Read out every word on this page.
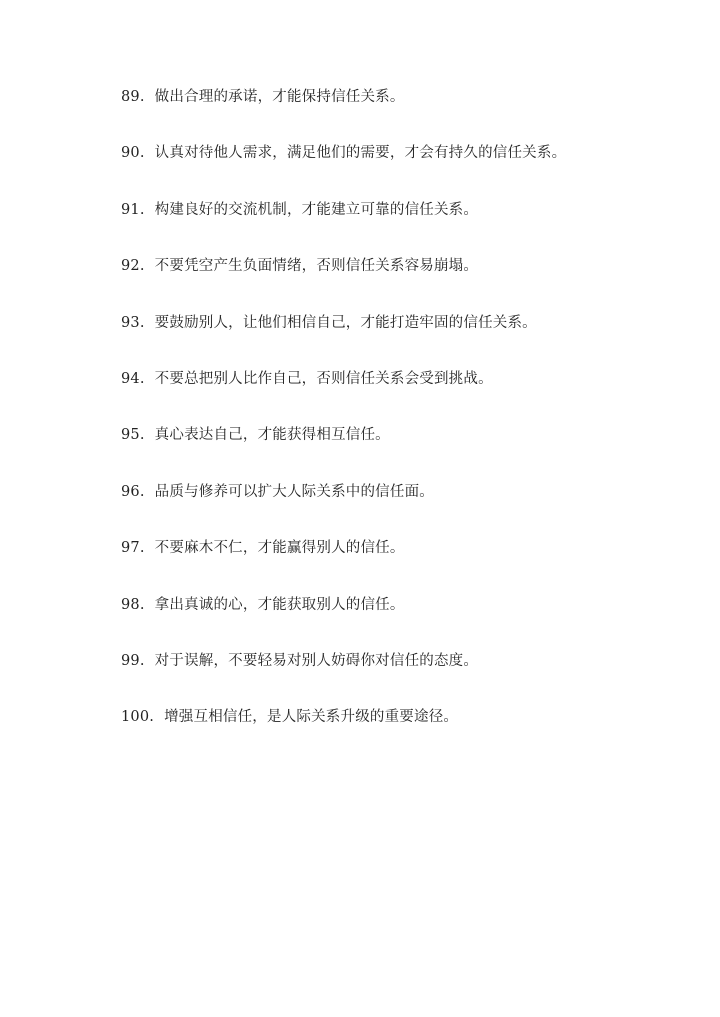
89. 做出合理的承诺，才能保持信任关系。
90. 认真对待他人需求，满足他们的需要，才会有持久的信任关系。
91. 构建良好的交流机制，才能建立可靠的信任关系。
92. 不要凭空产生负面情绪，否则信任关系容易崩塌。
93. 要鼓励别人，让他们相信自己，才能打造牢固的信任关系。
94. 不要总把别人比作自己，否则信任关系会受到挑战。
95. 真心表达自己，才能获得相互信任。
96. 品质与修养可以扩大人际关系中的信任面。
97. 不要麻木不仁，才能赢得别人的信任。
98. 拿出真诚的心，才能获取别人的信任。
99. 对于误解，不要轻易对别人妨碍你对信任的态度。
100. 增强互相信任，是人际关系升级的重要途径。
